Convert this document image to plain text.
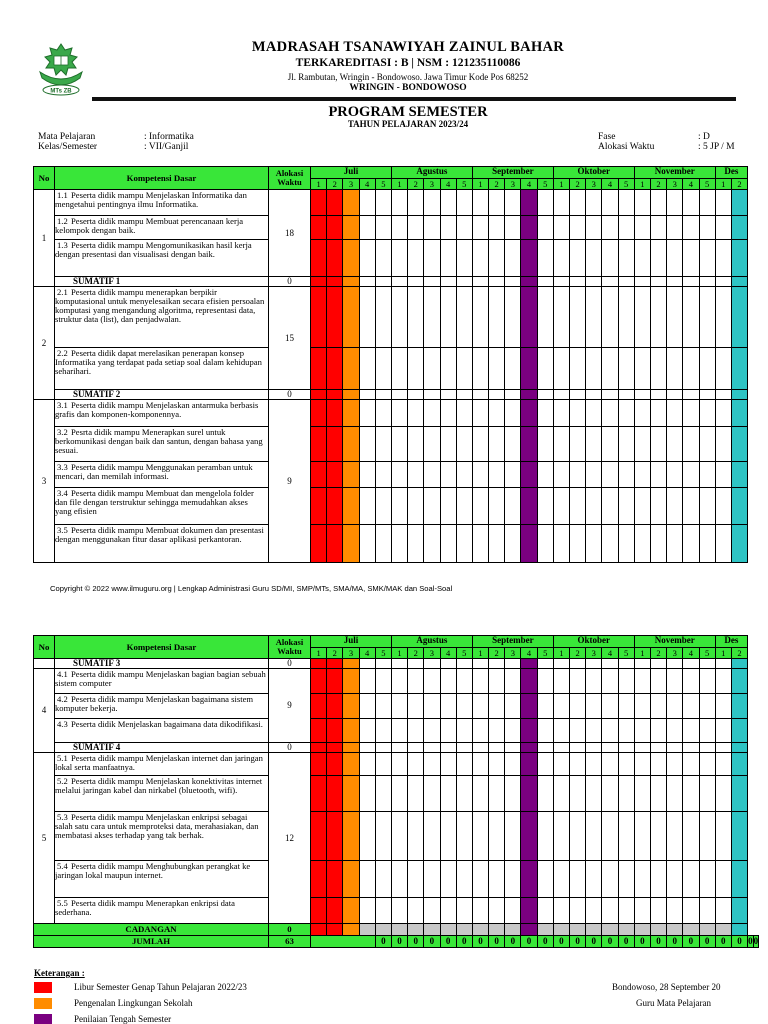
MTs ZB
MADRASAH TSANAWIYAH ZAINUL BAHAR
TERKAREDITASI : B | NSM : 121235110086
Jl. Rambutan, Wringin - Bondowoso. Jawa Timur Kode Pos 68252
WRINGIN - BONDOWOSO
PROGRAM SEMESTER
TAHUN PELAJARAN 2023/24
Mata Pelajaran	: Informatika
Kelas/Semester	: VII/Ganjil
Fase	: D
Alokasi Waktu	: 5 JP / M
No	Kompetensi Dasar	Alokasi Waktu	Juli					Agustus					September					Oktober					November					Des	
			1	2	3	4	5	1	2	3	4	5	1	2	3	4	5	1	2	3	4	5	1	2	3	4	5	1	2
1	1.1 Peserta didik mampu Menjelaskan Informatika dan mengetahui pentingnya ilmu Informatika.	18																											
	1.2 Peserta didik mampu Membuat perencanaan kerja kelompok dengan baik.																												
	1.3 Peserta didik mampu Mengomunikasikan hasil kerja dengan presentasi dan visualisasi dengan baik.																												
	SUMATIF 1	0																											
2	2.1 Peserta didik mampu menerapkan berpikir komputasional untuk menyelesaikan secara efisien persoalan komputasi yang mengandung algoritma, representasi data, struktur data (list), dan penjadwalan.	15																											
	2.2 Peserta didik dapat merelasikan penerapan konsep Informatika yang terdapat pada setiap soal dalam kehidupan seharihari.																												
	SUMATIF 2	0																											
3	3.1 Peserta didik mampu Menjelaskan antarmuka berbasis grafis dan komponen-komponennya.	9																											
	3.2 Pesrta didik mampu Menerapkan surel untuk berkomunikasi dengan baik dan santun, dengan bahasa yang sesuai.																												
	3.3 Peserta didik mampu Menggunakan peramban untuk mencari, dan memilah informasi.																												
	3.4 Peserta didik mampu Membuat dan mengelola folder dan file dengan terstruktur sehingga memudahkan akses yang efisien																												
	3.5 Peserta didik mampu Membuat dokumen dan presentasi dengan menggunakan fitur dasar aplikasi perkantoran.																												
Copyright © 2022 www.ilmuguru.org | Lengkap Administrasi Guru SD/MI, SMP/MTs, SMA/MA, SMK/MAK dan Soal-Soal
No	Kompetensi Dasar	Alokasi Waktu	Juli					Agustus					September					Oktober					November					Des			
			1	2	3	4	5	1	2	3	4	5	1	2	3	4	5	1	2	3	4	5	1	2	3	4	5	1	2		
	SUMATIF 3	0																													
4	4.1 Peserta didik mampu Menjelaskan bagian bagian sebuah sistem computer	9																													
	4.2 Peserta didik mampu Menjelaskan bagaimana sistem komputer bekerja.																														
	4.3 Peserta didik Menjelaskan bagaimana data dikodifikasi.																														
	SUMATIF 4	0																													
5	5.1 Peserta didik mampu Menjelaskan internet dan jaringan lokal serta manfaatnya.	12																													
	5.2 Peserta didik mampu Menjelaskan konektivitas internet melalui jaringan kabel dan nirkabel (bluetooth, wifi).																														
	5.3 Peserta didik mampu Menjelaskan enkripsi sebagai salah satu cara untuk memproteksi data, merahasiakan, dan membatasi akses terhadap yang tak berhak.																														
	5.4 Peserta didik mampu Menghubungkan perangkat ke jaringan lokal maupun internet.																														
	5.5 Peserta didik mampu Menerapkan enkripsi data sederhana.																														
CADANGAN		0																													
JUMLAH		63					0	0	0	0	0	0	0	0	0	0	0	0	0	0	0	0	0	0	0	0	0	0	0	0	0
Keterangan :
Libur Semester Genap Tahun Pelajaran 2022/23
Pengenalan Lingkungan Sekolah
Penilaian Tengah Semester
Bondowoso, 28 September 20
Guru Mata Pelajaran
